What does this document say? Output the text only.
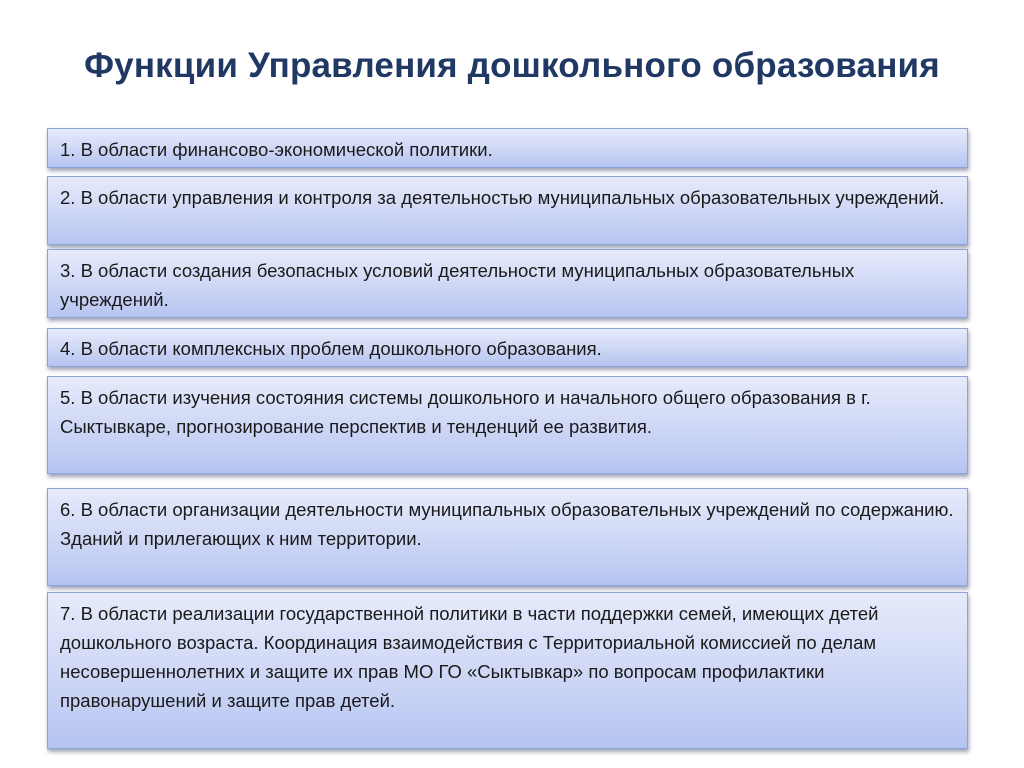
Функции Управления дошкольного образования
1. В области финансово-экономической политики.
2. В области управления и контроля за деятельностью муниципальных образовательных учреждений.
3. В области создания безопасных условий деятельности муниципальных образовательных учреждений.
4. В области комплексных проблем дошкольного образования.
5. В области изучения состояния системы дошкольного и начального общего образования в г. Сыктывкаре, прогнозирование перспектив и тенденций ее развития.
6. В области организации деятельности муниципальных образовательных учреждений по содержанию. Зданий и прилегающих к ним территории.
7. В области реализации государственной политики в части поддержки семей, имеющих детей дошкольного возраста. Координация взаимодействия с Территориальной комиссией по делам несовершеннолетних и защите их прав МО ГО «Сыктывкар» по вопросам профилактики правонарушений и защите прав детей.
